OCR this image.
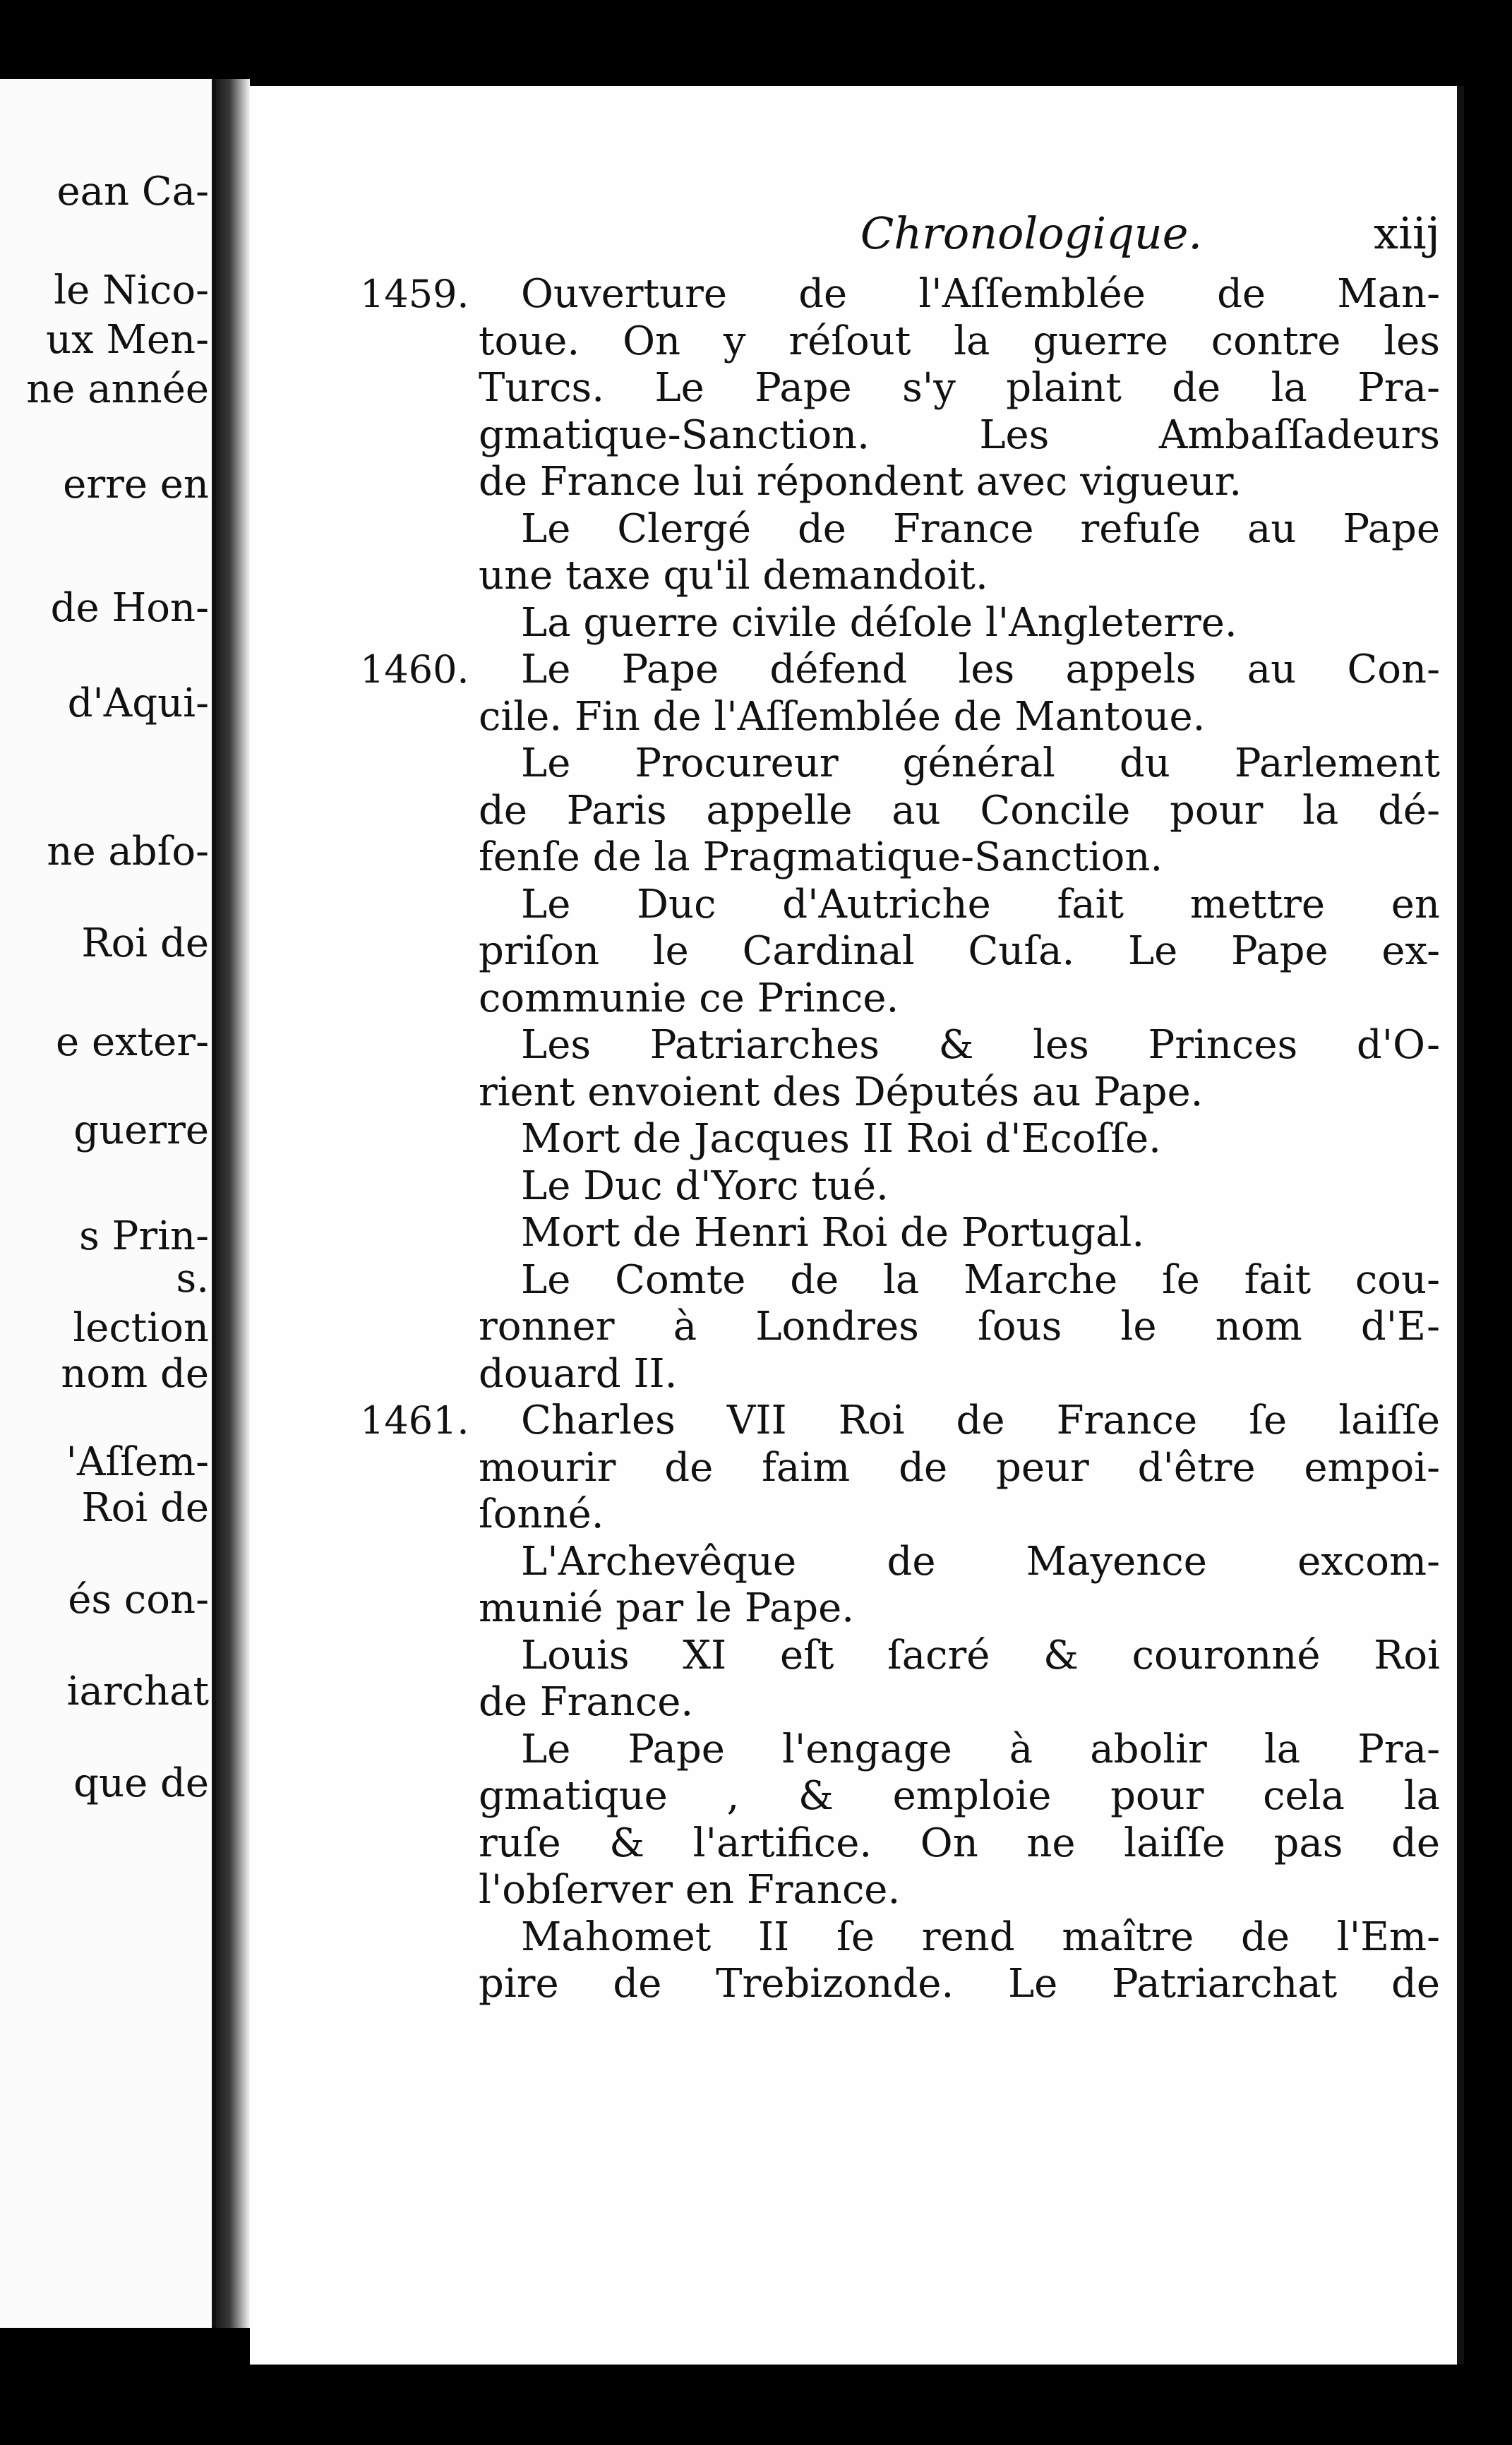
ean Ca-
le Nico-
ux Men-
ne année
erre en
de Hon-
d'Aqui-
ne abſo-
Roi de
e exter-
guerre
s Prin-
s.
lection
nom de
'Aſſem-
Roi de
és con-
iarchat
que de
Chronologique.	xiij
1459.	Ouverture de l'Aſſemblée de Man-
toue. On y réſout la guerre contre les
Turcs. Le Pape s'y plaint de la Pra-
gmatique-Sanction. Les Ambaſſadeurs
de France lui répondent avec vigueur.
Le Clergé de France refuſe au Pape
une taxe qu'il demandoit.
La guerre civile déſole l'Angleterre.
1460.	Le Pape défend les appels au Con-
cile. Fin de l'Aſſemblée de Mantoue.
Le Procureur général du Parlement
de Paris appelle au Concile pour la dé-
fenſe de la Pragmatique-Sanction.
Le Duc d'Autriche fait mettre en
priſon le Cardinal Cuſa. Le Pape ex-
communie ce Prince.
Les Patriarches & les Princes d'O-
rient envoient des Députés au Pape.
Mort de Jacques II Roi d'Ecoſſe.
Le Duc d'Yorc tué.
Mort de Henri Roi de Portugal.
Le Comte de la Marche ſe fait cou-
ronner à Londres ſous le nom d'E-
douard II.
1461.	Charles VII Roi de France ſe laiſſe
mourir de faim de peur d'être empoi-
ſonné.
L'Archevêque de Mayence excom-
munié par le Pape.
Louis XI eſt ſacré & couronné Roi
de France.
Le Pape l'engage à abolir la Pra-
gmatique , & emploie pour cela la
ruſe & l'artifice. On ne laiſſe pas de
l'obſerver en France.
Mahomet II ſe rend maître de l'Em-
pire de Trebizonde. Le Patriarchat de
